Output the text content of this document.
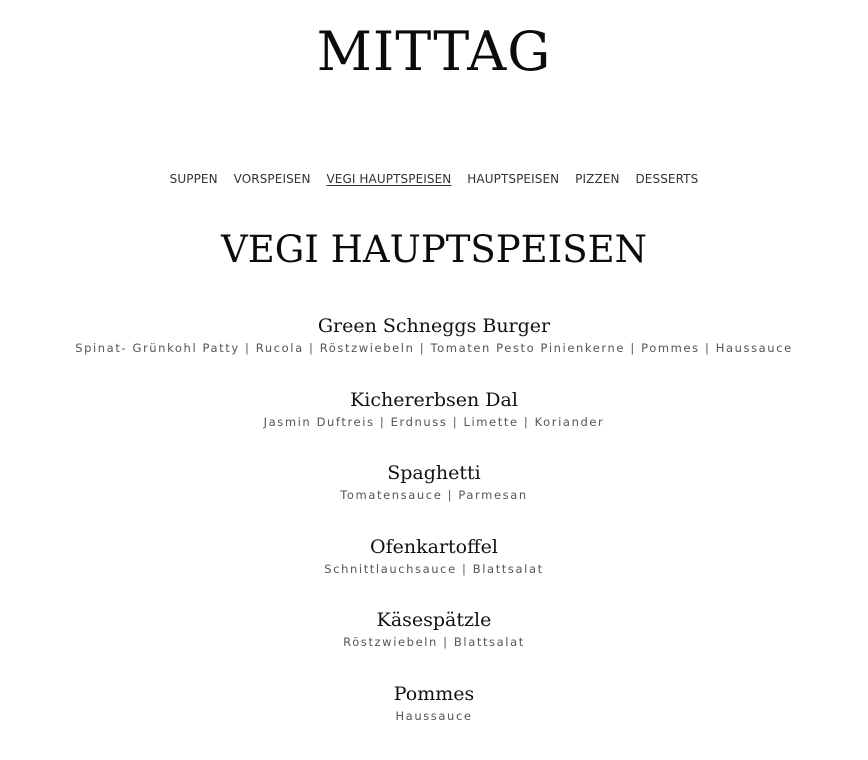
MITTAG
SUPPEN VORSPEISEN VEGI HAUPTSPEISEN HAUPTSPEISEN PIZZEN DESSERTS
VEGI HAUPTSPEISEN
Green Schneggs Burger
Spinat- Grünkohl Patty | Rucola | Röstzwiebeln | Tomaten Pesto Pinienkerne | Pommes | Haussauce
Kichererbsen Dal
Jasmin Duftreis | Erdnuss | Limette | Koriander
Spaghetti
Tomatensauce | Parmesan
Ofenkartoffel
Schnittlauchsauce | Blattsalat
Käsespätzle
Röstzwiebeln | Blattsalat
Pommes
Haussauce
